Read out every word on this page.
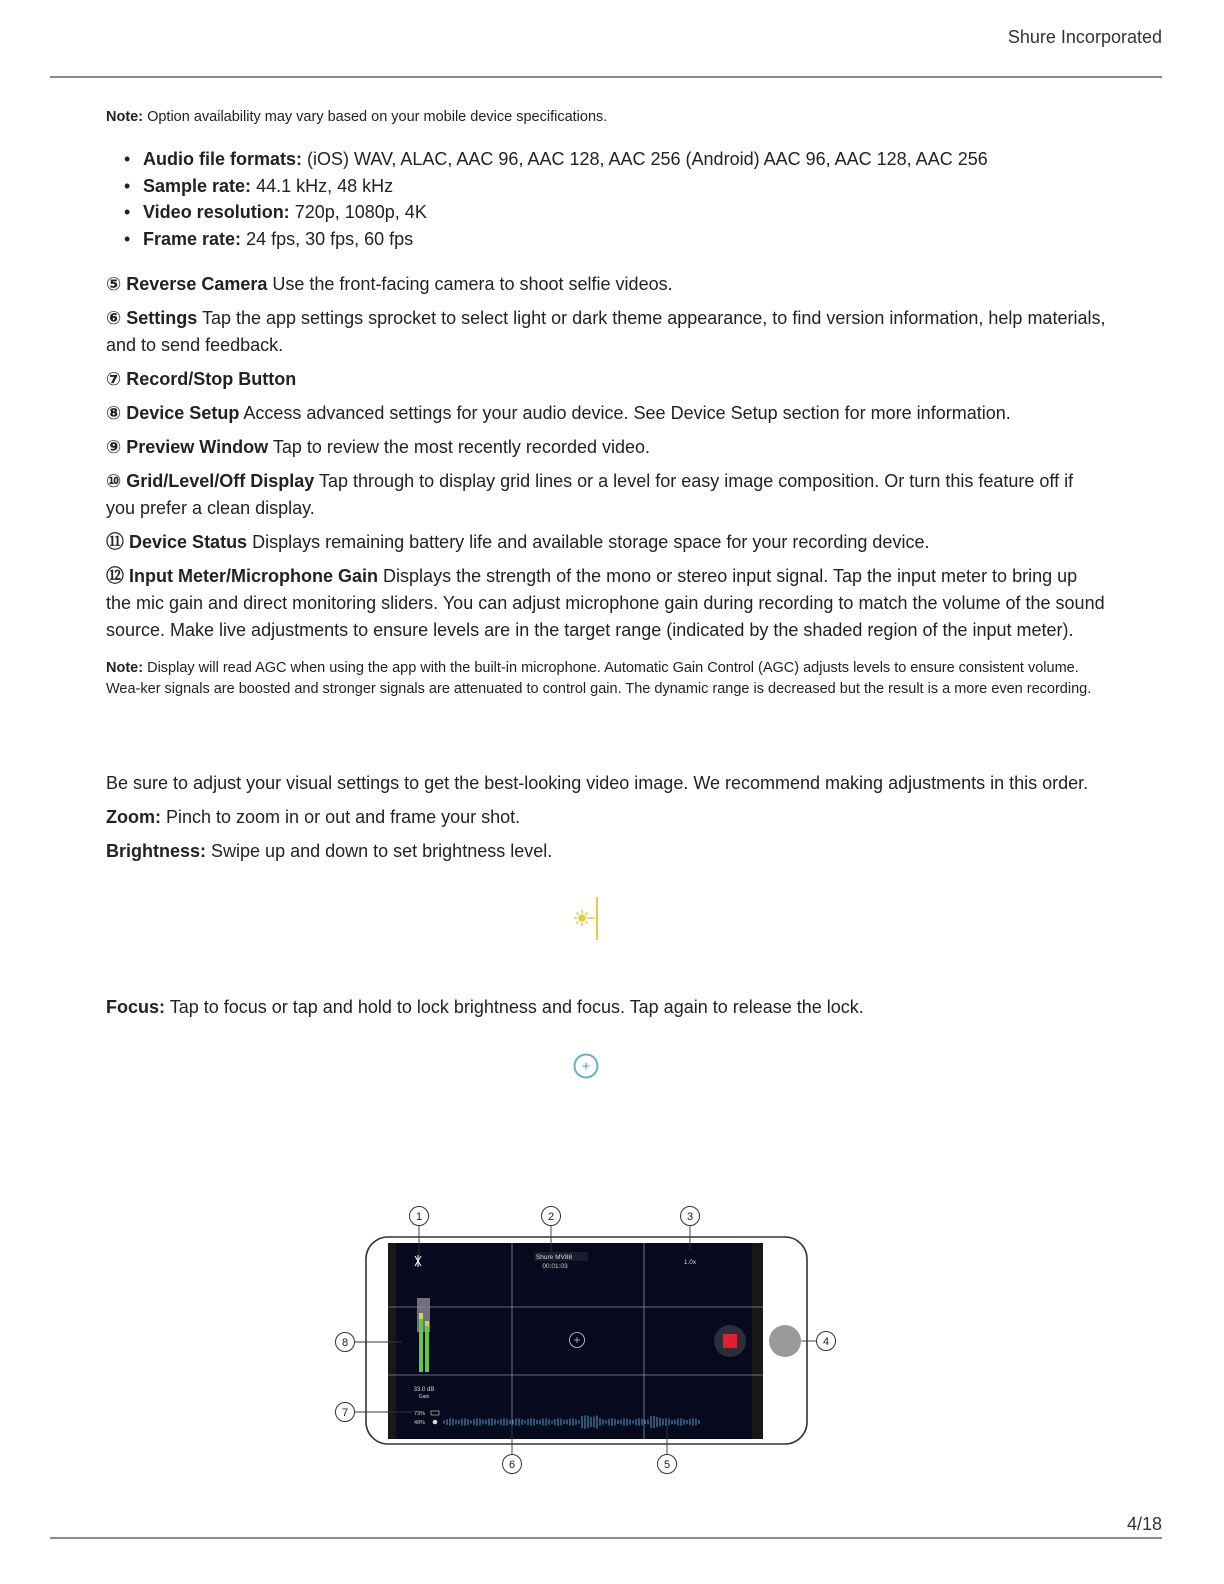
Shure Incorporated
Note: Option availability may vary based on your mobile device specifications.
• Audio file formats: (iOS) WAV, ALAC, AAC 96, AAC 128, AAC 256 (Android) AAC 96, AAC 128, AAC 256
• Sample rate: 44.1 kHz, 48 kHz
• Video resolution: 720p, 1080p, 4K
• Frame rate: 24 fps, 30 fps, 60 fps
⑤ Reverse Camera Use the front-facing camera to shoot selfie videos.
⑥ Settings Tap the app settings sprocket to select light or dark theme appearance, to find version information, help materials, and to send feedback.
⑦ Record/Stop Button
⑧ Device Setup Access advanced settings for your audio device. See Device Setup section for more information.
⑨ Preview Window Tap to review the most recently recorded video.
⑩ Grid/Level/Off Display Tap through to display grid lines or a level for easy image composition. Or turn this feature off if you prefer a clean display.
⑪ Device Status Displays remaining battery life and available storage space for your recording device.
⑫ Input Meter/Microphone Gain Displays the strength of the mono or stereo input signal. Tap the input meter to bring up the mic gain and direct monitoring sliders. You can adjust microphone gain during recording to match the volume of the sound source. Make live adjustments to ensure levels are in the target range (indicated by the shaded region of the input meter).
Note: Display will read AGC when using the app with the built-in microphone. Automatic Gain Control (AGC) adjusts levels to ensure consistent volume. Wea-ker signals are boosted and stronger signals are attenuated to control gain. The dynamic range is decreased but the result is a more even recording.
Be sure to adjust your visual settings to get the best-looking video image. We recommend making adjustments in this order.
Zoom: Pinch to zoom in or out and frame your shot.
Brightness: Swipe up and down to set brightness level.
Focus: Tap to focus or tap and hold to lock brightness and focus. Tap again to release the lock.
Shure MV88
00:01:03
1.0x
33.0 dB
Gain
73%
49%
1	2	3
4
5
6
7
8
4/18
